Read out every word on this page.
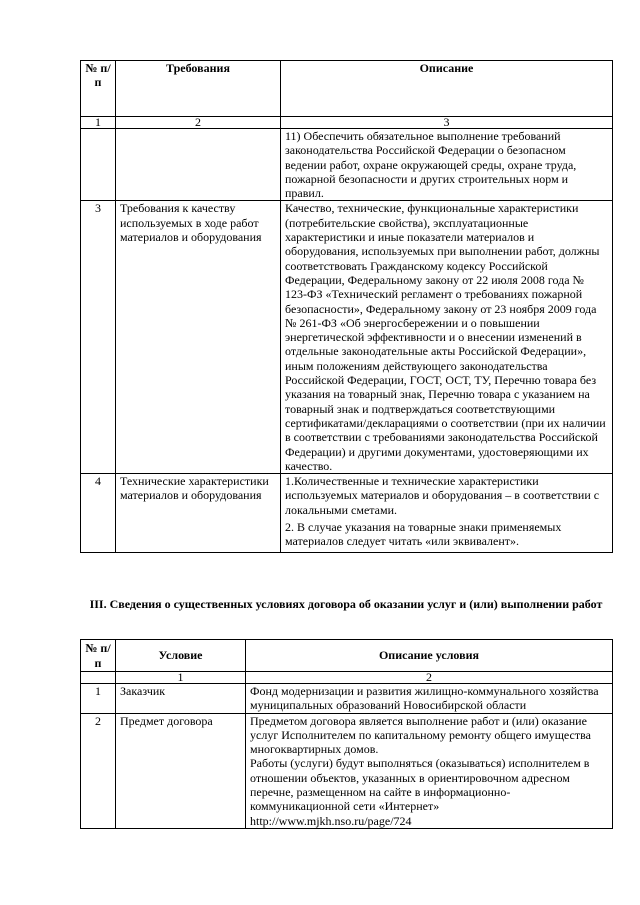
№ п/п	Требования	Описание
1	2	3

		11) Обеспечить обязательное выполнение требований законодательства Российской Федерации о безопасном ведении работ, охране окружающей среды, охране труда, пожарной безопасности и других строительных норм и правил.

3	Требования к качеству используемых в ходе работ материалов и оборудования	Качество, технические, функциональные характеристики (потребительские свойства), эксплуатационные характеристики и иные показатели материалов и оборудования, используемых при выполнении работ, должны соответствовать Гражданскому кодексу Российской Федерации, Федеральному закону от 22 июля 2008 года № 123-ФЗ «Технический регламент о требованиях пожарной безопасности», Федеральному закону от 23 ноября 2009 года № 261-ФЗ «Об энергосбережении и о повышении энергетической эффективности и о внесении изменений в отдельные законодательные акты Российской Федерации», иным положениям действующего законодательства Российской Федерации, ГОСТ, ОСТ, ТУ, Перечню товара без указания на товарный знак, Перечню товара с указанием на товарный знак и подтверждаться соответствующими сертификатами/декларациями о соответствии (при их наличии в соответствии с требованиями законодательства Российской Федерации) и другими документами, удостоверяющими их качество.

4	Технические характеристики материалов и оборудования	1.Количественные и технические характеристики используемых материалов и оборудования – в соответствии с локальными сметами.

2. В случае указания на товарные знаки применяемых материалов следует читать «или эквивалент».

III. Сведения о существенных условиях договора об оказании услуг и (или) выполнении работ
№ п/п	Условие	Описание условия
	1	2
1	Заказчик	Фонд модернизации и развития жилищно-коммунального хозяйства муниципальных образований Новосибирской области

2	Предмет договора	Предметом договора является выполнение работ и (или) оказание услуг Исполнителем по капитальному ремонту общего имущества многоквартирных домов.

Работы (услуги) будут выполняться (оказываться) исполнителем в отношении объектов, указанных в ориентировочном адресном перечне, размещенном на сайте в информационно-коммуникационной сети «Интернет»

http://www.mjkh.nso.ru/page/724
